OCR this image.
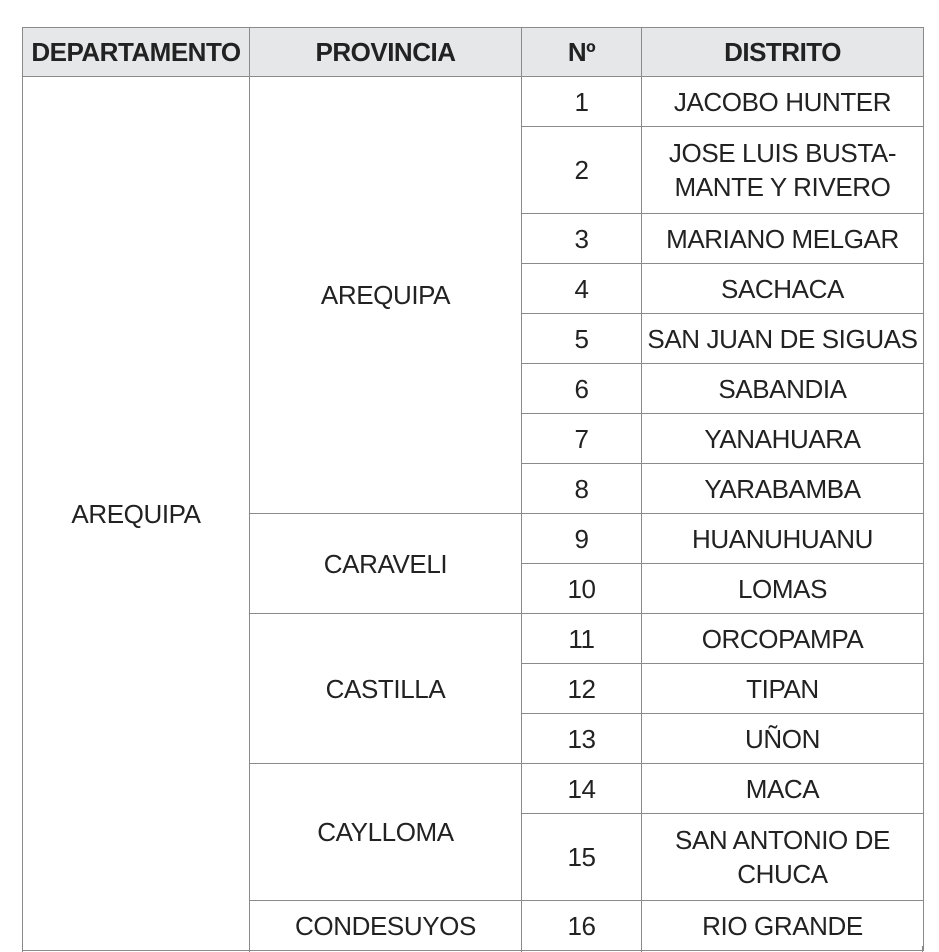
DEPARTAMENTO	PROVINCIA	Nº	DISTRITO
AREQUIPA	AREQUIPA	1	JACOBO HUNTER
		2	JOSE LUIS BUSTA-
MANTE Y RIVERO
		3	MARIANO MELGAR
		4	SACHACA
		5	SAN JUAN DE SIGUAS
		6	SABANDIA
		7	YANAHUARA
		8	YARABAMBA
	CARAVELI	9	HUANUHUANU
		10	LOMAS
	CASTILLA	11	ORCOPAMPA
		12	TIPAN
		13	UÑON
	CAYLLOMA	14	MACA
		15	SAN ANTONIO DE
CHUCA
	CONDESUYOS	16	RIO GRANDE
